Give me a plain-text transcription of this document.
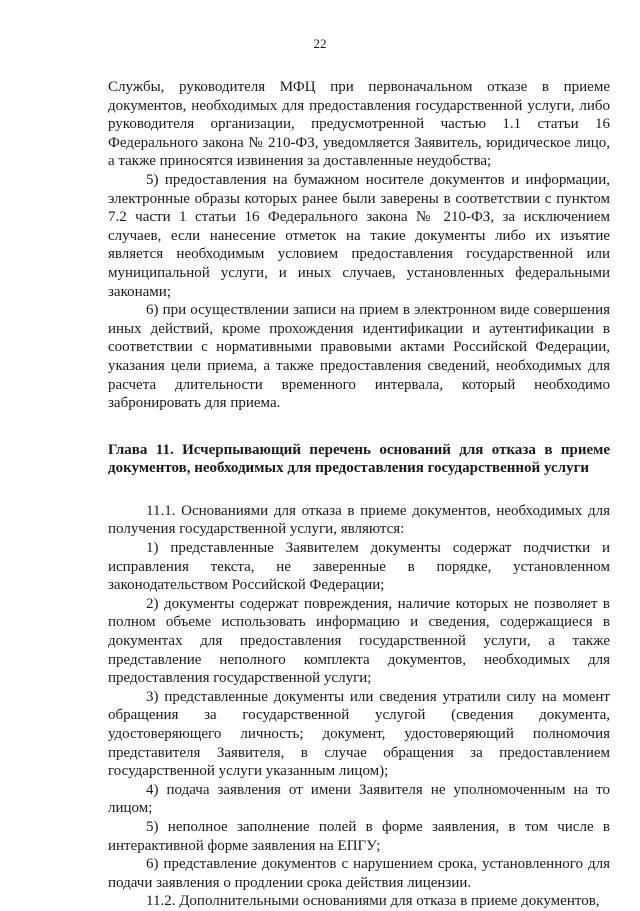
22

Службы, руководителя МФЦ при первоначальном отказе в приеме документов, необходимых для предоставления государственной услуги, либо руководителя организации, предусмотренной частью 1.1 статьи 16 Федерального закона № 210-ФЗ, уведомляется Заявитель, юридическое лицо, а также приносятся извинения за доставленные неудобства;

5) предоставления на бумажном носителе документов и информации, электронные образы которых ранее были заверены в соответствии с пунктом 7.2 части 1 статьи 16 Федерального закона № 210-ФЗ, за исключением случаев, если нанесение отметок на такие документы либо их изъятие является необходимым условием предоставления государственной или муниципальной услуги, и иных случаев, установленных федеральными законами;

6) при осуществлении записи на прием в электронном виде совершения иных действий, кроме прохождения идентификации и аутентификации в соответствии с нормативными правовыми актами Российской Федерации, указания цели приема, а также предоставления сведений, необходимых для расчета длительности временного интервала, который необходимо забронировать для приема.

Глава 11. Исчерпывающий перечень оснований для отказа в приеме документов, необходимых для предоставления государственной услуги

11.1. Основаниями для отказа в приеме документов, необходимых для получения государственной услуги, являются:

1) представленные Заявителем документы содержат подчистки и исправления текста, не заверенные в порядке, установленном законодательством Российской Федерации;

2) документы содержат повреждения, наличие которых не позволяет в полном объеме использовать информацию и сведения, содержащиеся в документах для предоставления государственной услуги, а также представление неполного комплекта документов, необходимых для предоставления государственной услуги;

3) представленные документы или сведения утратили силу на момент обращения за государственной услугой (сведения документа, удостоверяющего личность; документ, удостоверяющий полномочия представителя Заявителя, в случае обращения за предоставлением государственной услуги указанным лицом);

4) подача заявления от имени Заявителя не уполномоченным на то лицом;

5) неполное заполнение полей в форме заявления, в том числе в интерактивной форме заявления на ЕПГУ;

6) представление документов с нарушением срока, установленного для подачи заявления о продлении срока действия лицензии.

11.2. Дополнительными основаниями для отказа в приеме документов,
